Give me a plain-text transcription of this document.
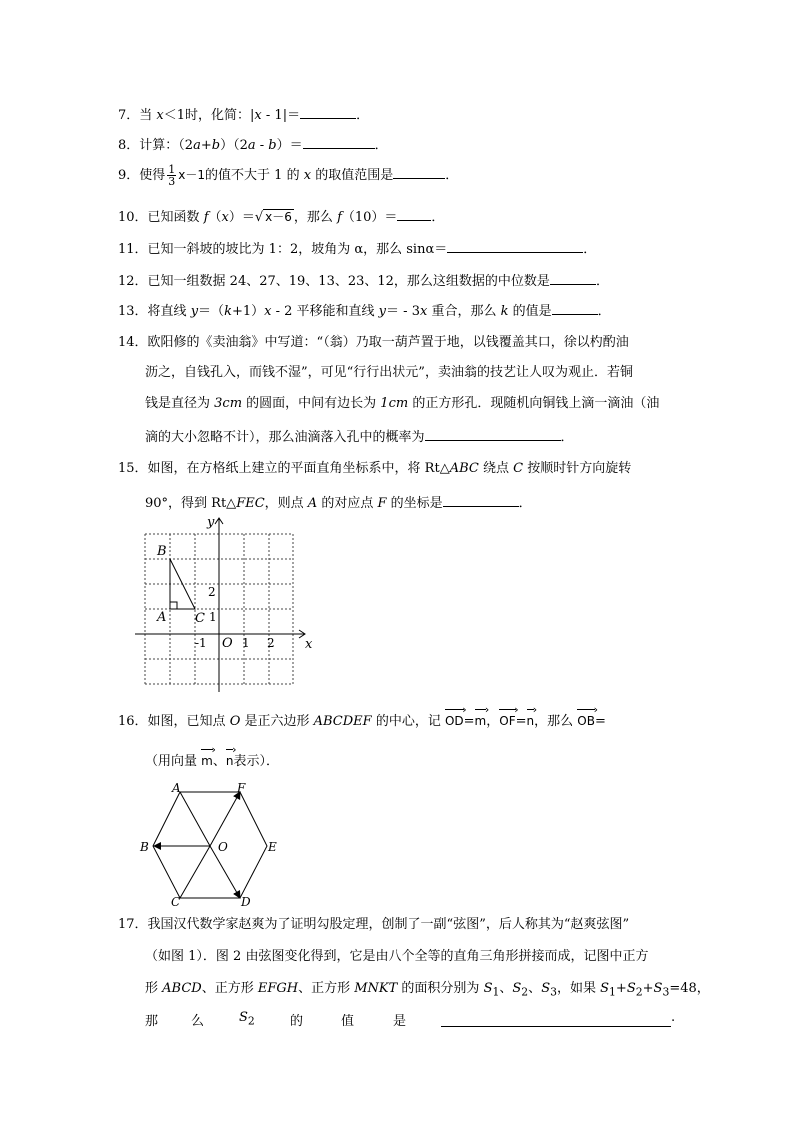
7．当 x＜1时，化简：|x - 1|＝	．
8．计算：（2a+b）（2a - b）＝	．
9．使得 $\frac{1}{3} x-1$的值不大于 1 的 x 的取值范围是	．
10．已知函数 f（x）＝√ x－6 ，那么 f（10）＝	．
11．已知一斜坡的坡比为 1：2，坡角为 α，那么 sinα＝	．
12．已知一组数据 24、27、19、13、23、12，那么这组数据的中位数是	．
13．将直线 y＝（k+1）x - 2 平移能和直线 y＝ - 3x 重合，那么 k 的值是	．
14．欧阳修的《卖油翁》中写道：“（翁）乃取一葫芦置于地，以钱覆盖其口，徐以杓酌油
沥之，自钱孔入，而钱不湿”，可见“行行出状元”，卖油翁的技艺让人叹为观止．若铜
钱是直径为 3cm 的圆面，中间有边长为 1cm 的正方形孔．现随机向铜钱上滴一滴油（油
滴的大小忽略不计），那么油滴落入孔中的概率为	．
15．如图，在方格纸上建立的平面直角坐标系中，将 Rt△ABC 绕点 C 按顺时针方向旋转
90°，得到 Rt△FEC，则点 A 的对应点 F 的坐标是	．
y
x
B
A C
O
2
1
-1	1 2
16．如图，已知点 O 是正六边形 ABCDEF 的中心，记 OD ›=m ›，OF ›=n ›，那么 OB ›=
（用向量 m ›、n ›表示）．
A	F
B	O	E
C	D
17．我国汉代数学家赵爽为了证明勾股定理，创制了一副“弦图”，后人称其为“赵爽弦图”
（如图 1）．图 2 由弦图变化得到，它是由八个全等的直角三角形拼接而成，记图中正方
形 ABCD、正方形 EFGH、正方形 MNKT 的面积分别为 $S_1$、$S_2$、$S_3$，如果 $S_1+S_2+S_3=48$，
那	么	$S_2$	的	值	是	.
